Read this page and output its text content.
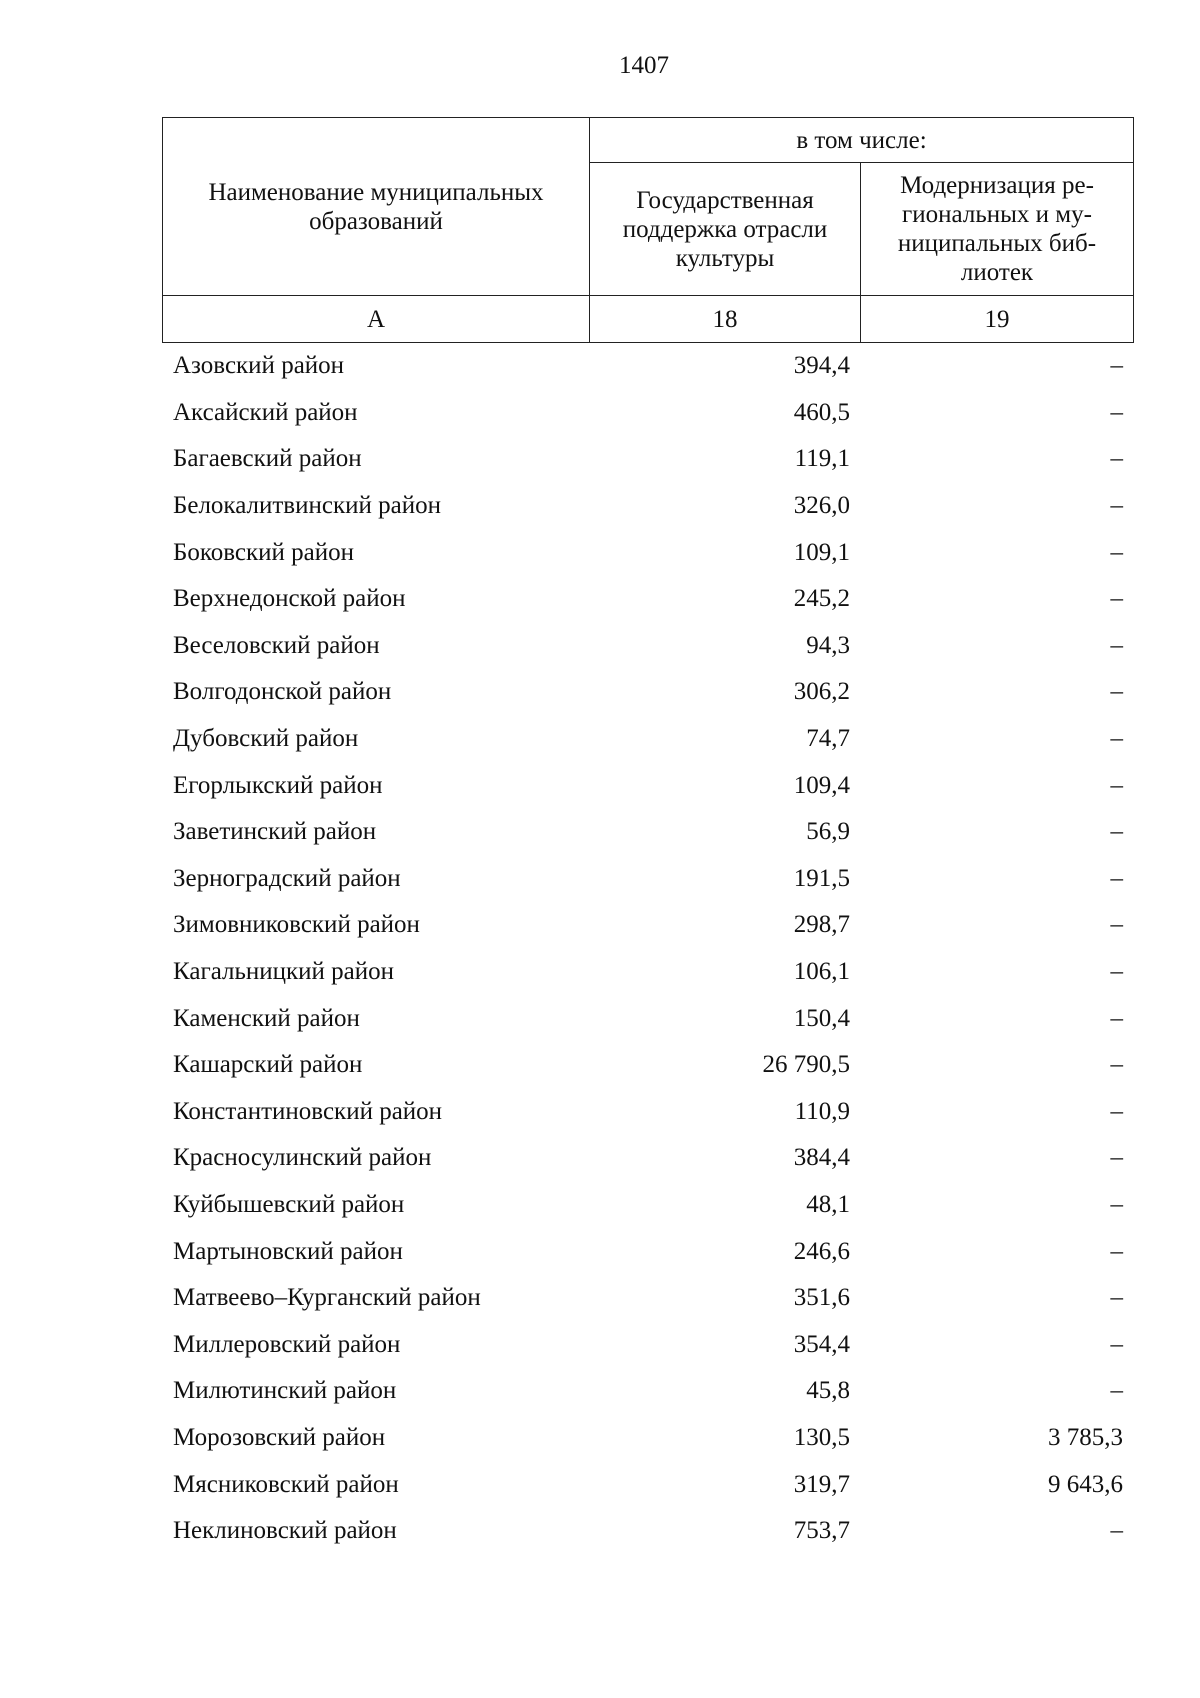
1407
Наименование муниципальных образований	в том числе:	

	Государственная поддержка отрасли культуры	Модернизация ре-гиональных и му-ниципальных биб-лиотек

А	18	19
Азовский район	394,4	–
Аксайский район	460,5	–
Багаевский район	119,1	–
Белокалитвинский район	326,0	–
Боковский район	109,1	–
Верхнедонской район	245,2	–
Веселовский район	94,3	–
Волгодонской район	306,2	–
Дубовский район	74,7	–
Егорлыкский район	109,4	–
Заветинский район	56,9	–
Зерноградский район	191,5	–
Зимовниковский район	298,7	–
Кагальницкий район	106,1	–
Каменский район	150,4	–
Кашарский район	26 790,5	–
Константиновский район	110,9	–
Красносулинский район	384,4	–
Куйбышевский район	48,1	–
Мартыновский район	246,6	–
Матвеево–Курганский район	351,6	–
Миллеровский район	354,4	–
Милютинский район	45,8	–
Морозовский район	130,5	3 785,3
Мясниковский район	319,7	9 643,6
Неклиновский район	753,7	–
